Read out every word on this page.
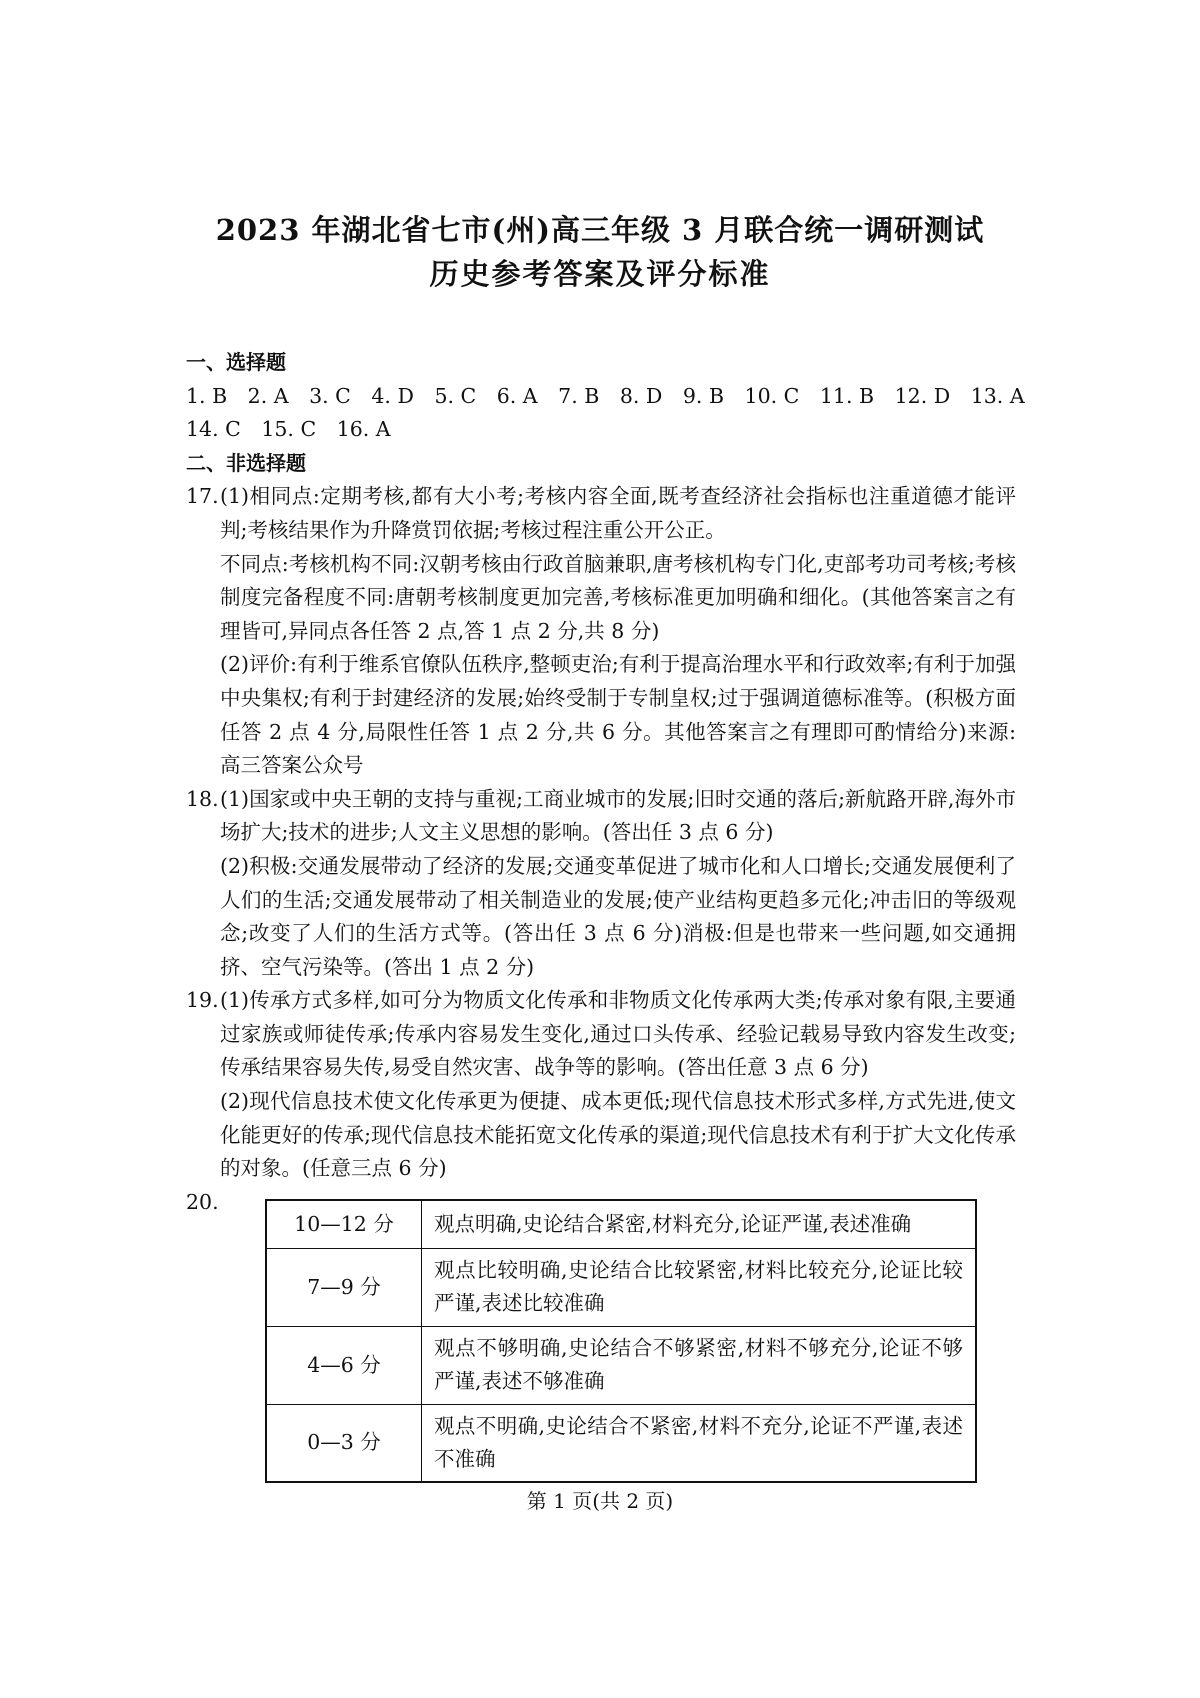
2023 年湖北省七市(州)高三年级 3 月联合统一调研测试
历史参考答案及评分标准
一、选择题
1. B 2. A 3. C 4. D 5. C 6. A 7. B 8. D 9. B 10. C 11. B 12. D 13. A
14. C 15. C 16. A
二、非选择题
17. (1)相同点:定期考核,都有大小考;考核内容全面,既考查经济社会指标也注重道德才能评判;考核结果作为升降赏罚依据;考核过程注重公开公正。
不同点:考核机构不同:汉朝考核由行政首脑兼职,唐考核机构专门化,吏部考功司考核;考核制度完备程度不同:唐朝考核制度更加完善,考核标准更加明确和细化。(其他答案言之有理皆可,异同点各任答 2 点,答 1 点 2 分,共 8 分)
(2)评价:有利于维系官僚队伍秩序,整顿吏治;有利于提高治理水平和行政效率;有利于加强中央集权;有利于封建经济的发展;始终受制于专制皇权;过于强调道德标准等。(积极方面任答 2 点 4 分,局限性任答 1 点 2 分,共 6 分。其他答案言之有理即可酌情给分)来源: 高三答案公众号
18. (1)国家或中央王朝的支持与重视;工商业城市的发展;旧时交通的落后;新航路开辟,海外市场扩大;技术的进步;人文主义思想的影响。(答出任 3 点 6 分)
(2)积极:交通发展带动了经济的发展;交通变革促进了城市化和人口增长;交通发展便利了人们的生活;交通发展带动了相关制造业的发展;使产业结构更趋多元化;冲击旧的等级观念;改变了人们的生活方式等。(答出任 3 点 6 分)消极:但是也带来一些问题,如交通拥挤、空气污染等。(答出 1 点 2 分)
19. (1)传承方式多样,如可分为物质文化传承和非物质文化传承两大类;传承对象有限,主要通过家族或师徒传承;传承内容易发生变化,通过口头传承、经验记载易导致内容发生改变;传承结果容易失传,易受自然灾害、战争等的影响。(答出任意 3 点 6 分)
(2)现代信息技术使文化传承更为便捷、成本更低;现代信息技术形式多样,方式先进,使文化能更好的传承;现代信息技术能拓宽文化传承的渠道;现代信息技术有利于扩大文化传承的对象。(任意三点 6 分)
20.
10—12 分	观点明确,史论结合紧密,材料充分,论证严谨,表述准确
7—9 分	观点比较明确,史论结合比较紧密,材料比较充分,论证比较严谨,表述比较准确
4—6 分	观点不够明确,史论结合不够紧密,材料不够充分,论证不够严谨,表述不够准确
0—3 分	观点不明确,史论结合不紧密,材料不充分,论证不严谨,表述不准确
第 1 页(共 2 页)
